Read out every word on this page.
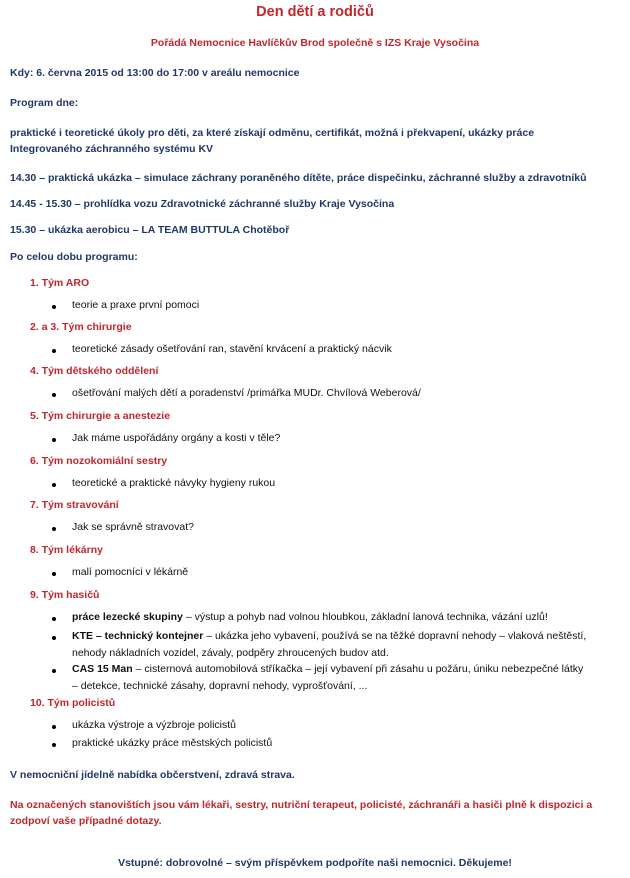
Den dětí a rodičů
Pořádá Nemocnice Havlíčkův Brod společně s IZS Kraje Vysočina
Kdy: 6. června 2015 od 13:00 do 17:00 v areálu nemocnice
Program dne:
praktické i teoretické úkoly pro děti, za které získají odměnu, certifikát, možná i překvapení, ukázky práce
Integrovaného záchranného systému KV
14.30 – praktická ukázka – simulace záchrany poraněného dítěte, práce dispečinku, záchranné služby a zdravotníků
14.45 - 15.30 – prohlídka vozu Zdravotnické záchranné služby Kraje Vysočina
15.30 – ukázka aerobicu – LA TEAM BUTTULA Chotěboř
Po celou dobu programu:
1. Tým ARO
teorie a praxe první pomoci
2. a 3. Tým chirurgie
teoretické zásady ošetřování ran, stavění krvácení a praktický nácvik
4. Tým dětského oddělení
ošetřování malých dětí a poradenství /primářka MUDr. Chvílová Weberová/
5. Tým chirurgie a anestezie
Jak máme uspořádány orgány a kosti v těle?
6. Tým nozokomiální sestry
teoretické a praktické návyky hygieny rukou
7. Tým stravování
Jak se správně stravovat?
8. Tým lékárny
malí pomocníci v lékárně
9. Tým hasičů
práce lezecké skupiny – výstup a pohyb nad volnou hloubkou, základní lanová technika, vázání uzlů!
KTE – technický kontejner – ukázka jeho vybavení, používá se na těžké dopravní nehody – vlaková neštěstí,
nehody nákladních vozidel, závaly, podpěry zhroucených budov atd.
CAS 15 Man – cisternová automobilová stříkačka – její vybavení při zásahu u požáru, úniku nebezpečné látky
– detekce, technické zásahy, dopravní nehody, vyprošťování, ...
10. Tým policistů
ukázka výstroje a výzbroje policistů
praktické ukázky práce městských policistů
V nemocniční jídelně nabídka občerstvení, zdravá strava.
Na označených stanovištích jsou vám lékaři, sestry, nutriční terapeut, policisté, záchranáři a hasiči plně k dispozici a
zodpoví vaše případné dotazy.
Vstupné: dobrovolné – svým příspěvkem podpoříte naši nemocnici. Děkujeme!
